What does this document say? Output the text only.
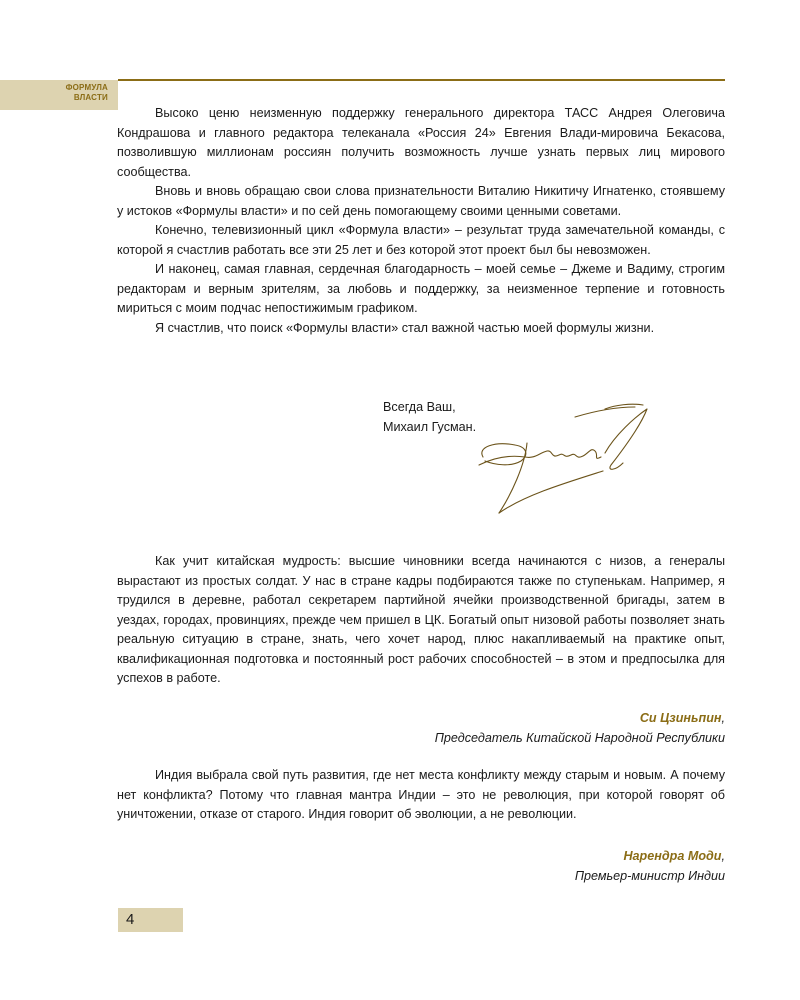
ФОРМУЛА
ВЛАСТИ

Высоко ценю неизменную поддержку генерального директора ТАСС Андрея Олеговича Кондрашова и главного редактора телеканала «Россия 24» Евгения Влади-мировича Бекасова, позволившую миллионам россиян получить возможность лучше узнать первых лиц мирового сообщества.

Вновь и вновь обращаю свои слова признательности Виталию Никитичу Игнатенко, стоявшему у истоков «Формулы власти» и по сей день помогающему своими ценными советами.

Конечно, телевизионный цикл «Формула власти» – результат труда замечательной команды, с которой я счастлив работать все эти 25 лет и без которой этот проект был бы невозможен.

И наконец, самая главная, сердечная благодарность – моей семье – Джеме и Вадиму, строгим редакторам и верным зрителям, за любовь и поддержку, за неизменное терпение и готовность мириться с моим подчас непостижимым графиком.

Я счастлив, что поиск «Формулы власти» стал важной частью моей формулы жизни.

Всегда Ваш,
Михаил Гусман.

Как учит китайская мудрость: высшие чиновники всегда начинаются с низов, а генералы вырастают из простых солдат. У нас в стране кадры подбираются также по ступенькам. Например, я трудился в деревне, работал секретарем партийной ячейки производственной бригады, затем в уездах, городах, провинциях, прежде чем пришел в ЦК. Богатый опыт низовой работы позволяет знать реальную ситуацию в стране, знать, чего хочет народ, плюс накапливаемый на практике опыт, квалификационная подготовка и постоянный рост рабочих способностей – в этом и предпосылка для успехов в работе.

Си Цзиньпин,
Председатель Китайской Народной Республики

Индия выбрала свой путь развития, где нет места конфликту между старым и новым. А почему нет конфликта? Потому что главная мантра Индии – это не революция, при которой говорят об уничтожении, отказе от старого. Индия говорит об эволюции, а не революции.

Нарендра Моди,
Премьер-министр Индии
4
